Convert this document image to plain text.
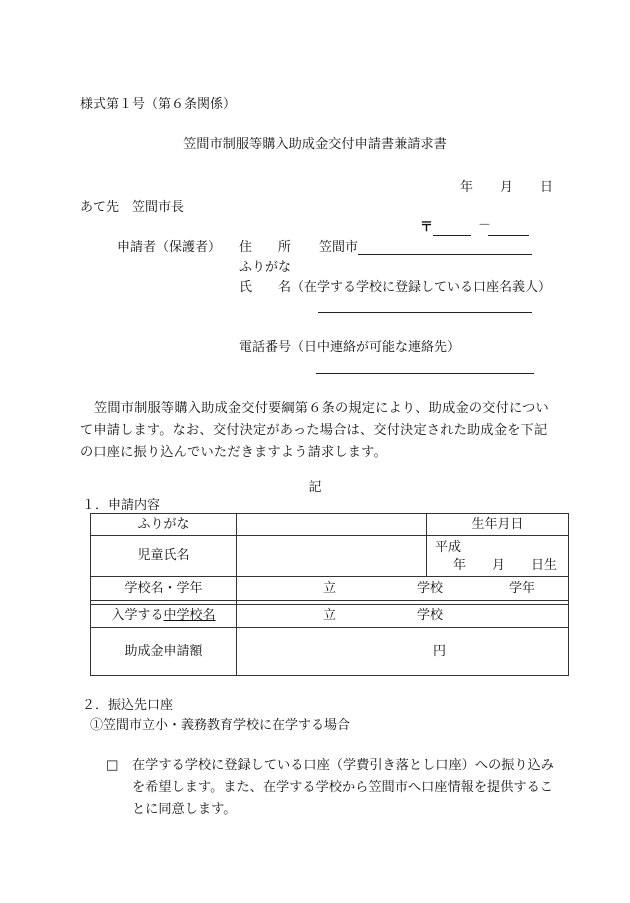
様式第１号（第６条関係）
笠間市制服等購入助成金交付申請書兼請求書
年 月 日
あて先　笠間市長
〒	－
申請者（保護者） 住　　所 笠間市
ふりがな
氏　　名（在学する学校に登録している口座名義人）
電話番号（日中連絡が可能な連絡先）
笠間市制服等購入助成金交付要綱第６条の規定により、助成金の交付について申請します。なお、交付決定があった場合は、交付決定された助成金を下記の口座に振り込んでいただきますよう請求します。
記
１．申請内容
ふりがな		生年月日
児童氏名		平成
年　　月　　日生

学校名・学年	立 学校 学年	

入学する中学校名	立 学校	

助成金申請額	円	
２．振込先口座
①笠間市立小・義務教育学校に在学する場合
□ 在学する学校に登録している口座（学費引き落とし口座）への振り込みを希望します。また、在学する学校から笠間市へ口座情報を提供することに同意します。
